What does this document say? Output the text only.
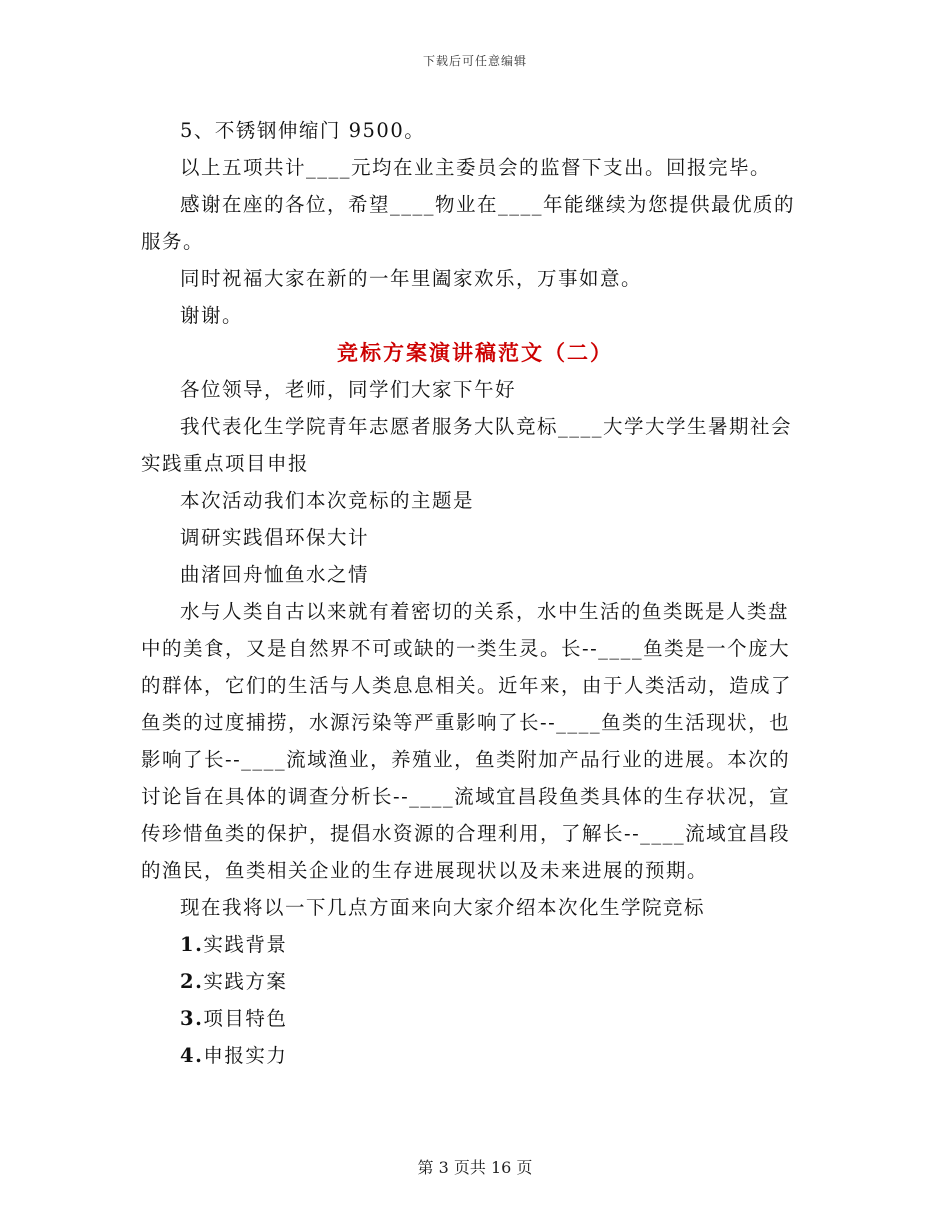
下载后可任意编辑

5、不锈钢伸缩门 9500。

以上五项共计____元均在业主委员会的监督下支出。回报完毕。

感谢在座的各位，希望____物业在____年能继续为您提供最优质的服务。

同时祝福大家在新的一年里阖家欢乐，万事如意。

谢谢。

竞标方案演讲稿范文（二）

各位领导，老师，同学们大家下午好

我代表化生学院青年志愿者服务大队竞标____大学大学生暑期社会实践重点项目申报

本次活动我们本次竞标的主题是

调研实践倡环保大计

曲渚回舟恤鱼水之情

水与人类自古以来就有着密切的关系，水中生活的鱼类既是人类盘中的美食，又是自然界不可或缺的一类生灵。长--____鱼类是一个庞大的群体，它们的生活与人类息息相关。近年来，由于人类活动，造成了鱼类的过度捕捞，水源污染等严重影响了长--____鱼类的生活现状，也影响了长--____流域渔业，养殖业，鱼类附加产品行业的进展。本次的讨论旨在具体的调查分析长--____流域宜昌段鱼类具体的生存状况，宣传珍惜鱼类的保护，提倡水资源的合理利用，了解长--____流域宜昌段的渔民，鱼类相关企业的生存进展现状以及未来进展的预期。

现在我将以一下几点方面来向大家介绍本次化生学院竞标

1.实践背景

2.实践方案

3.项目特色

4.申报实力

第 3 页共 16 页
